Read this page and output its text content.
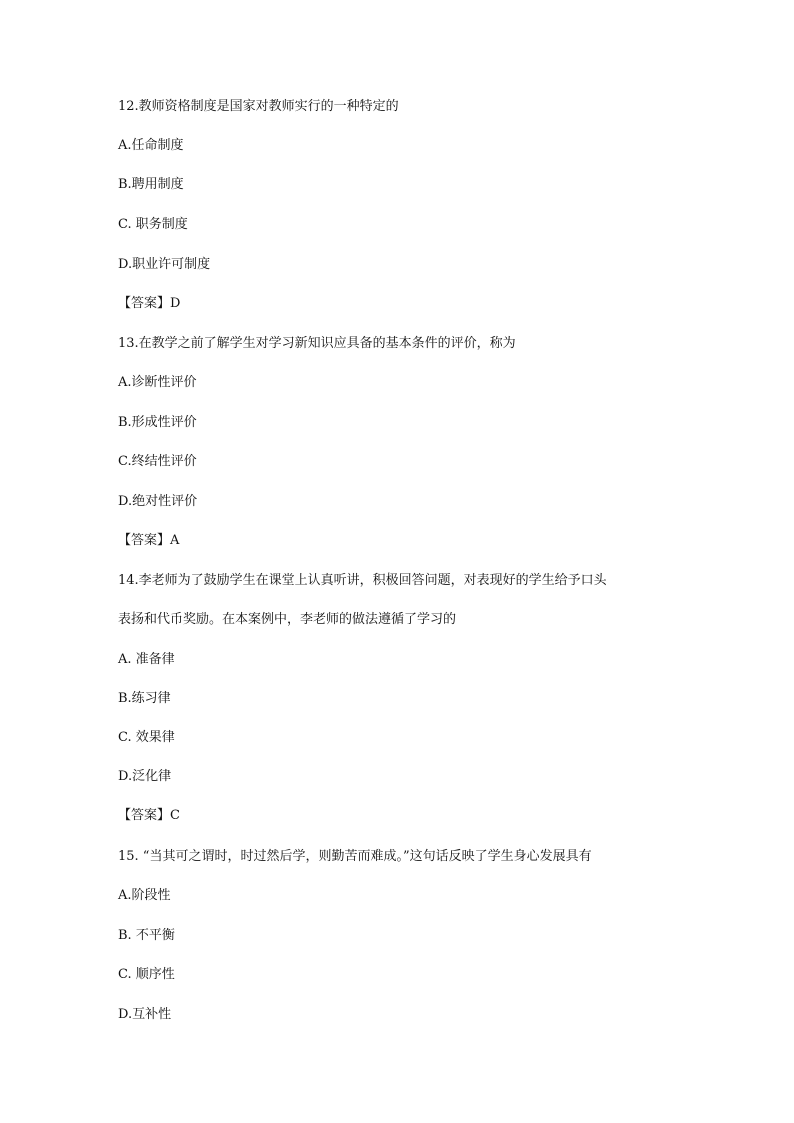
12.教师资格制度是国家对教师实行的一种特定的

A.任命制度

B.聘用制度

C. 职务制度

D.职业许可制度

【答案】D

13.在教学之前了解学生对学习新知识应具备的基本条件的评价，称为

A.诊断性评价

B.形成性评价

C.终结性评价

D.绝对性评价

【答案】A

14.李老师为了鼓励学生在课堂上认真听讲，积极回答问题，对表现好的学生给予口头

表扬和代币奖励。在本案例中，李老师的做法遵循了学习的

A. 准备律

B.练习律

C. 效果律

D.泛化律

【答案】C

15. “当其可之谓时，时过然后学，则勤苦而难成。”这句话反映了学生身心发展具有

A.阶段性

B. 不平衡

C. 顺序性

D.互补性
